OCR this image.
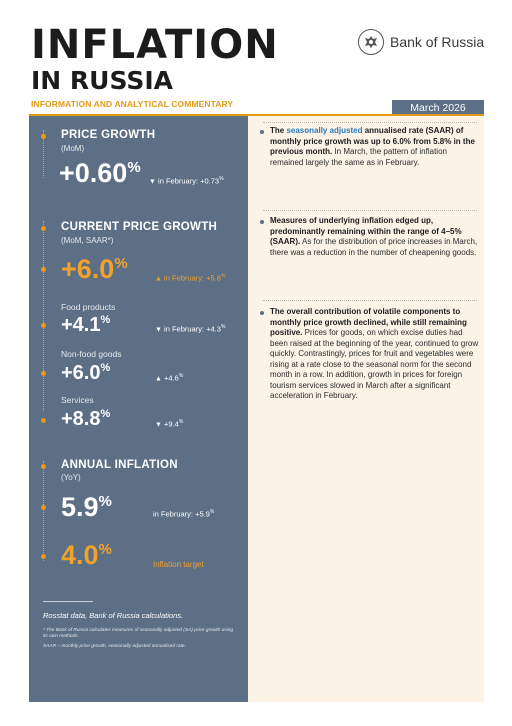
INFLATION
IN RUSSIA
INFORMATION AND ANALYTICAL COMMENTARY
Bank of Russia
March 2026
PRICE GROWTH
(MoM)
+0.60%
▼ in February: +0.73%
CURRENT PRICE GROWTH
(MoM, SAAR*)
+6.0%
▲ in February: +5.8%
Food products
+4.1%
▼ in February: +4.3%
Non-food goods
+6.0%
▲ +4.6%
Services
+8.8%
▼ +9.4%
ANNUAL INFLATION
(YoY)
5.9%
in February: +5.9%
4.0%
Inflation target
Rosstat data, Bank of Russia calculations.
* The Bank of Russia calculates measures of seasonally adjusted (SA) price growth using its own methods.
SAAR – monthly price growth, seasonally adjusted annualised rate.
The seasonally adjusted annualised rate (SAAR) of monthly price growth was up to 6.0% from 5.8% in the previous month. In March, the pattern of inflation remained largely the same as in February.
Measures of underlying inflation edged up, predominantly remaining within the range of 4–5% (SAAR). As for the distribution of price increases in March, there was a reduction in the number of cheapening goods.
The overall contribution of volatile components to monthly price growth declined, while still remaining positive. Prices for goods, on which excise duties had been raised at the beginning of the year, continued to grow quickly. Contrastingly, prices for fruit and vegetables were rising at a rate close to the seasonal norm for the second month in a row. In addition, growth in prices for foreign tourism services slowed in March after a significant acceleration in February.
